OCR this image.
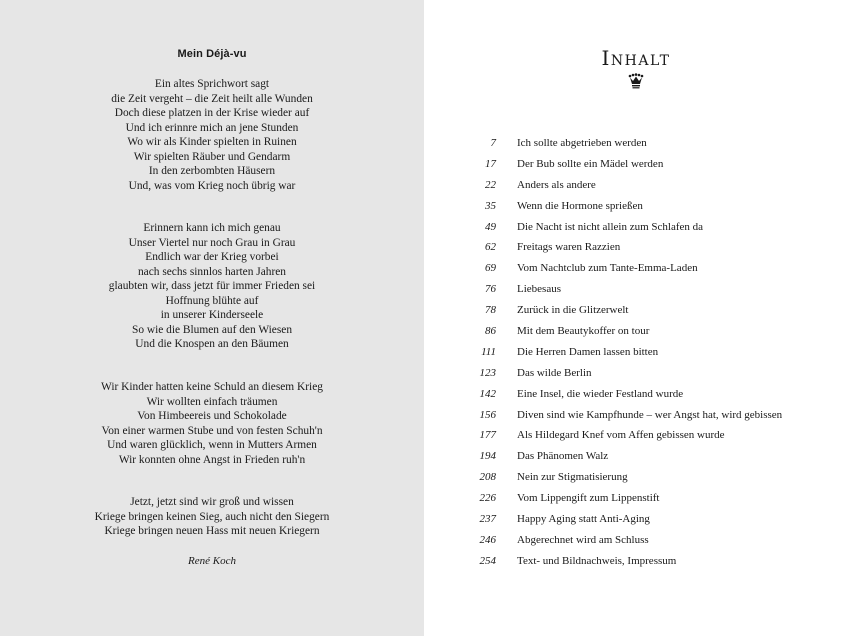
Mein Déjà-vu
Ein altes Sprichwort sagt
die Zeit vergeht – die Zeit heilt alle Wunden
Doch diese platzen in der Krise wieder auf
Und ich erinnre mich an jene Stunden
Wo wir als Kinder spielten in Ruinen
Wir spielten Räuber und Gendarm
In den zerbombten Häusern
Und, was vom Krieg noch übrig war
Erinnern kann ich mich genau
Unser Viertel nur noch Grau in Grau
Endlich war der Krieg vorbei
nach sechs sinnlos harten Jahren
glaubten wir, dass jetzt für immer Frieden sei
Hoffnung blühte auf
in unserer Kinderseele
So wie die Blumen auf den Wiesen
Und die Knospen an den Bäumen
Wir Kinder hatten keine Schuld an diesem Krieg
Wir wollten einfach träumen
Von Himbeereis und Schokolade
Von einer warmen Stube und von festen Schuh'n
Und waren glücklich, wenn in Mutters Armen
Wir konnten ohne Angst in Frieden ruh'n
Jetzt, jetzt sind wir groß und wissen
Kriege bringen keinen Sieg, auch nicht den Siegern
Kriege bringen neuen Hass mit neuen Kriegern
René Koch
Inhalt
7 Ich sollte abgetrieben werden
17 Der Bub sollte ein Mädel werden
22 Anders als andere
35 Wenn die Hormone sprießen
49 Die Nacht ist nicht allein zum Schlafen da
62 Freitags waren Razzien
69 Vom Nachtclub zum Tante-Emma-Laden
76 Liebesaus
78 Zurück in die Glitzerwelt
86 Mit dem Beautykoffer on tour
111 Die Herren Damen lassen bitten
123 Das wilde Berlin
142 Eine Insel, die wieder Festland wurde
156 Diven sind wie Kampfhunde – wer Angst hat, wird gebissen
177 Als Hildegard Knef vom Affen gebissen wurde
194 Das Phänomen Walz
208 Nein zur Stigmatisierung
226 Vom Lippengift zum Lippenstift
237 Happy Aging statt Anti-Aging
246 Abgerechnet wird am Schluss
254 Text- und Bildnachweis, Impressum
